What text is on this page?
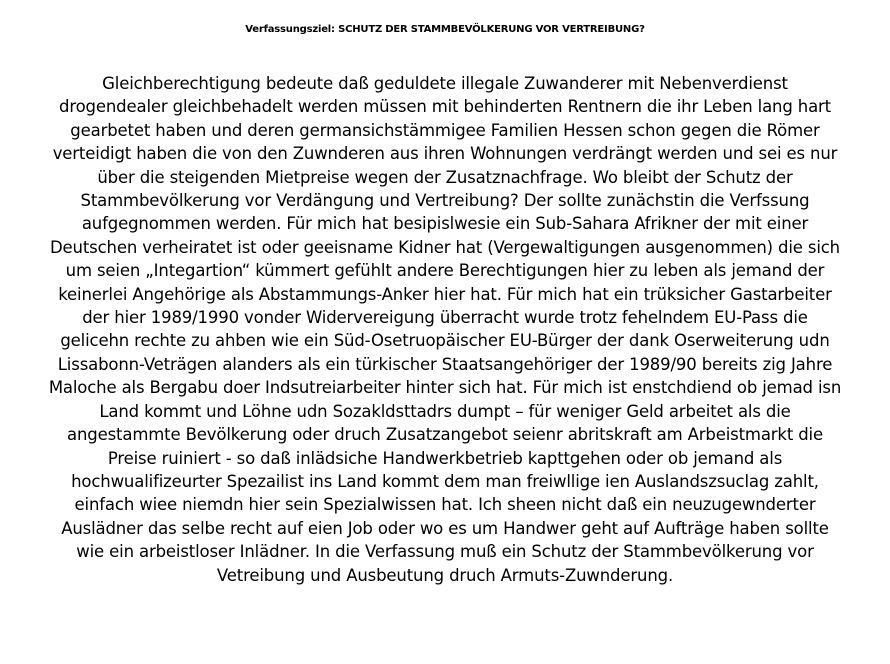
Verfassungsziel: SCHUTZ DER STAMMBEVÖLKERUNG VOR VERTREIBUNG?
Gleichberechtigung bedeute daß geduldete illegale Zuwanderer mit Nebenverdienst
drogendealer gleichbehadelt werden müssen mit behinderten Rentnern die ihr Leben lang hart
gearbetet haben und deren germansichstämmigee Familien Hessen schon gegen die Römer
verteidigt haben die von den Zuwnderen aus ihren Wohnungen verdrängt werden und sei es nur
über die steigenden Mietpreise wegen der Zusatznachfrage. Wo bleibt der Schutz der
Stammbevölkerung vor Verdängung und Vertreibung? Der sollte zunächstin die Verfssung
aufgegnommen werden. Für mich hat besipislwesie ein Sub-Sahara Afrikner der mit einer
Deutschen verheiratet ist oder geeisname Kidner hat (Vergewaltigungen ausgenommen) die sich
um seien „Integartion“ kümmert gefühlt andere Berechtigungen hier zu leben als jemand der
keinerlei Angehörige als Abstammungs-Anker hier hat. Für mich hat ein trüksicher Gastarbeiter
der hier 1989/1990 vonder Widervereigung überracht wurde trotz fehelndem EU-Pass die
gelicehn rechte zu ahben wie ein Süd-Osetruopäischer EU-Bürger der dank Oserweiterung udn
Lissabonn-Veträgen alanders als ein türkischer Staatsangehöriger der 1989/90 bereits zig Jahre
Maloche als Bergabu doer Indsutreiarbeiter hinter sich hat. Für mich ist enstchdiend ob jemad isn
Land kommt und Löhne udn Sozakldsttadrs dumpt – für weniger Geld arbeitet als die
angestammte Bevölkerung oder druch Zusatzangebot seienr abritskraft am Arbeistmarkt die
Preise ruiniert - so daß inlädsiche Handwerkbetrieb kapttgehen oder ob jemand als
hochwualifizeurter Spezailist ins Land kommt dem man freiwllige ien Auslandszsuclag zahlt,
einfach wiee niemdn hier sein Spezialwissen hat. Ich sheen nicht daß ein neuzugewnderter
Auslädner das selbe recht auf eien Job oder wo es um Handwer geht auf Aufträge haben sollte
wie ein arbeistloser Inlädner. In die Verfassung muß ein Schutz der Stammbevölkerung vor
Vetreibung und Ausbeutung druch Armuts-Zuwnderung.
